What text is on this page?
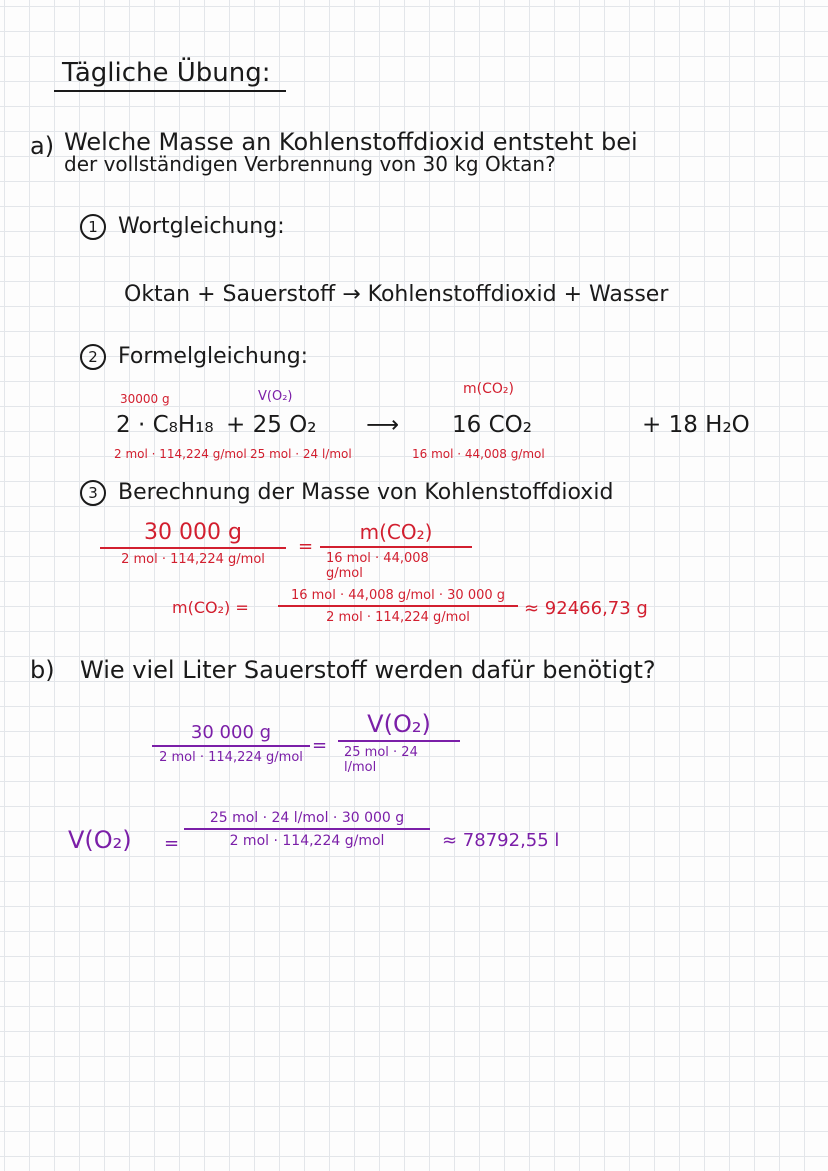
Tägliche Übung:
a) Welche Masse an Kohlenstoffdioxid entsteht bei
der vollständigen Verbrennung von 30 kg Oktan?
1 Wortgleichung:
Oktan + Sauerstoff → Kohlenstoffdioxid + Wasser
2 Formelgleichung:
30000 g	V(O₂)	m(CO₂)
2 · C₈H₁₈ + 25 O₂ ⟶ 16 CO₂	+ 18 H₂O
2 mol · 114,224 g/mol 25 mol · 24 l/mol	16 mol · 44,008 g/mol
3 Berechnung der Masse von Kohlenstoffdioxid
30 000 g
2 mol · 114,224 g/mol
=
m(CO₂)
16 mol · 44,008 g/mol
m(CO₂) =
16 mol · 44,008 g/mol · 30 000 g
2 mol · 114,224 g/mol	≈ 92466,73 g
b) Wie viel Liter Sauerstoff werden dafür benötigt?
30 000 g
2 mol · 114,224 g/mol
=
V(O₂)
25 mol · 24 l/mol
V(O₂) =
25 mol · 24 l/mol · 30 000 g
2 mol · 114,224 g/mol	≈ 78792,55 l
